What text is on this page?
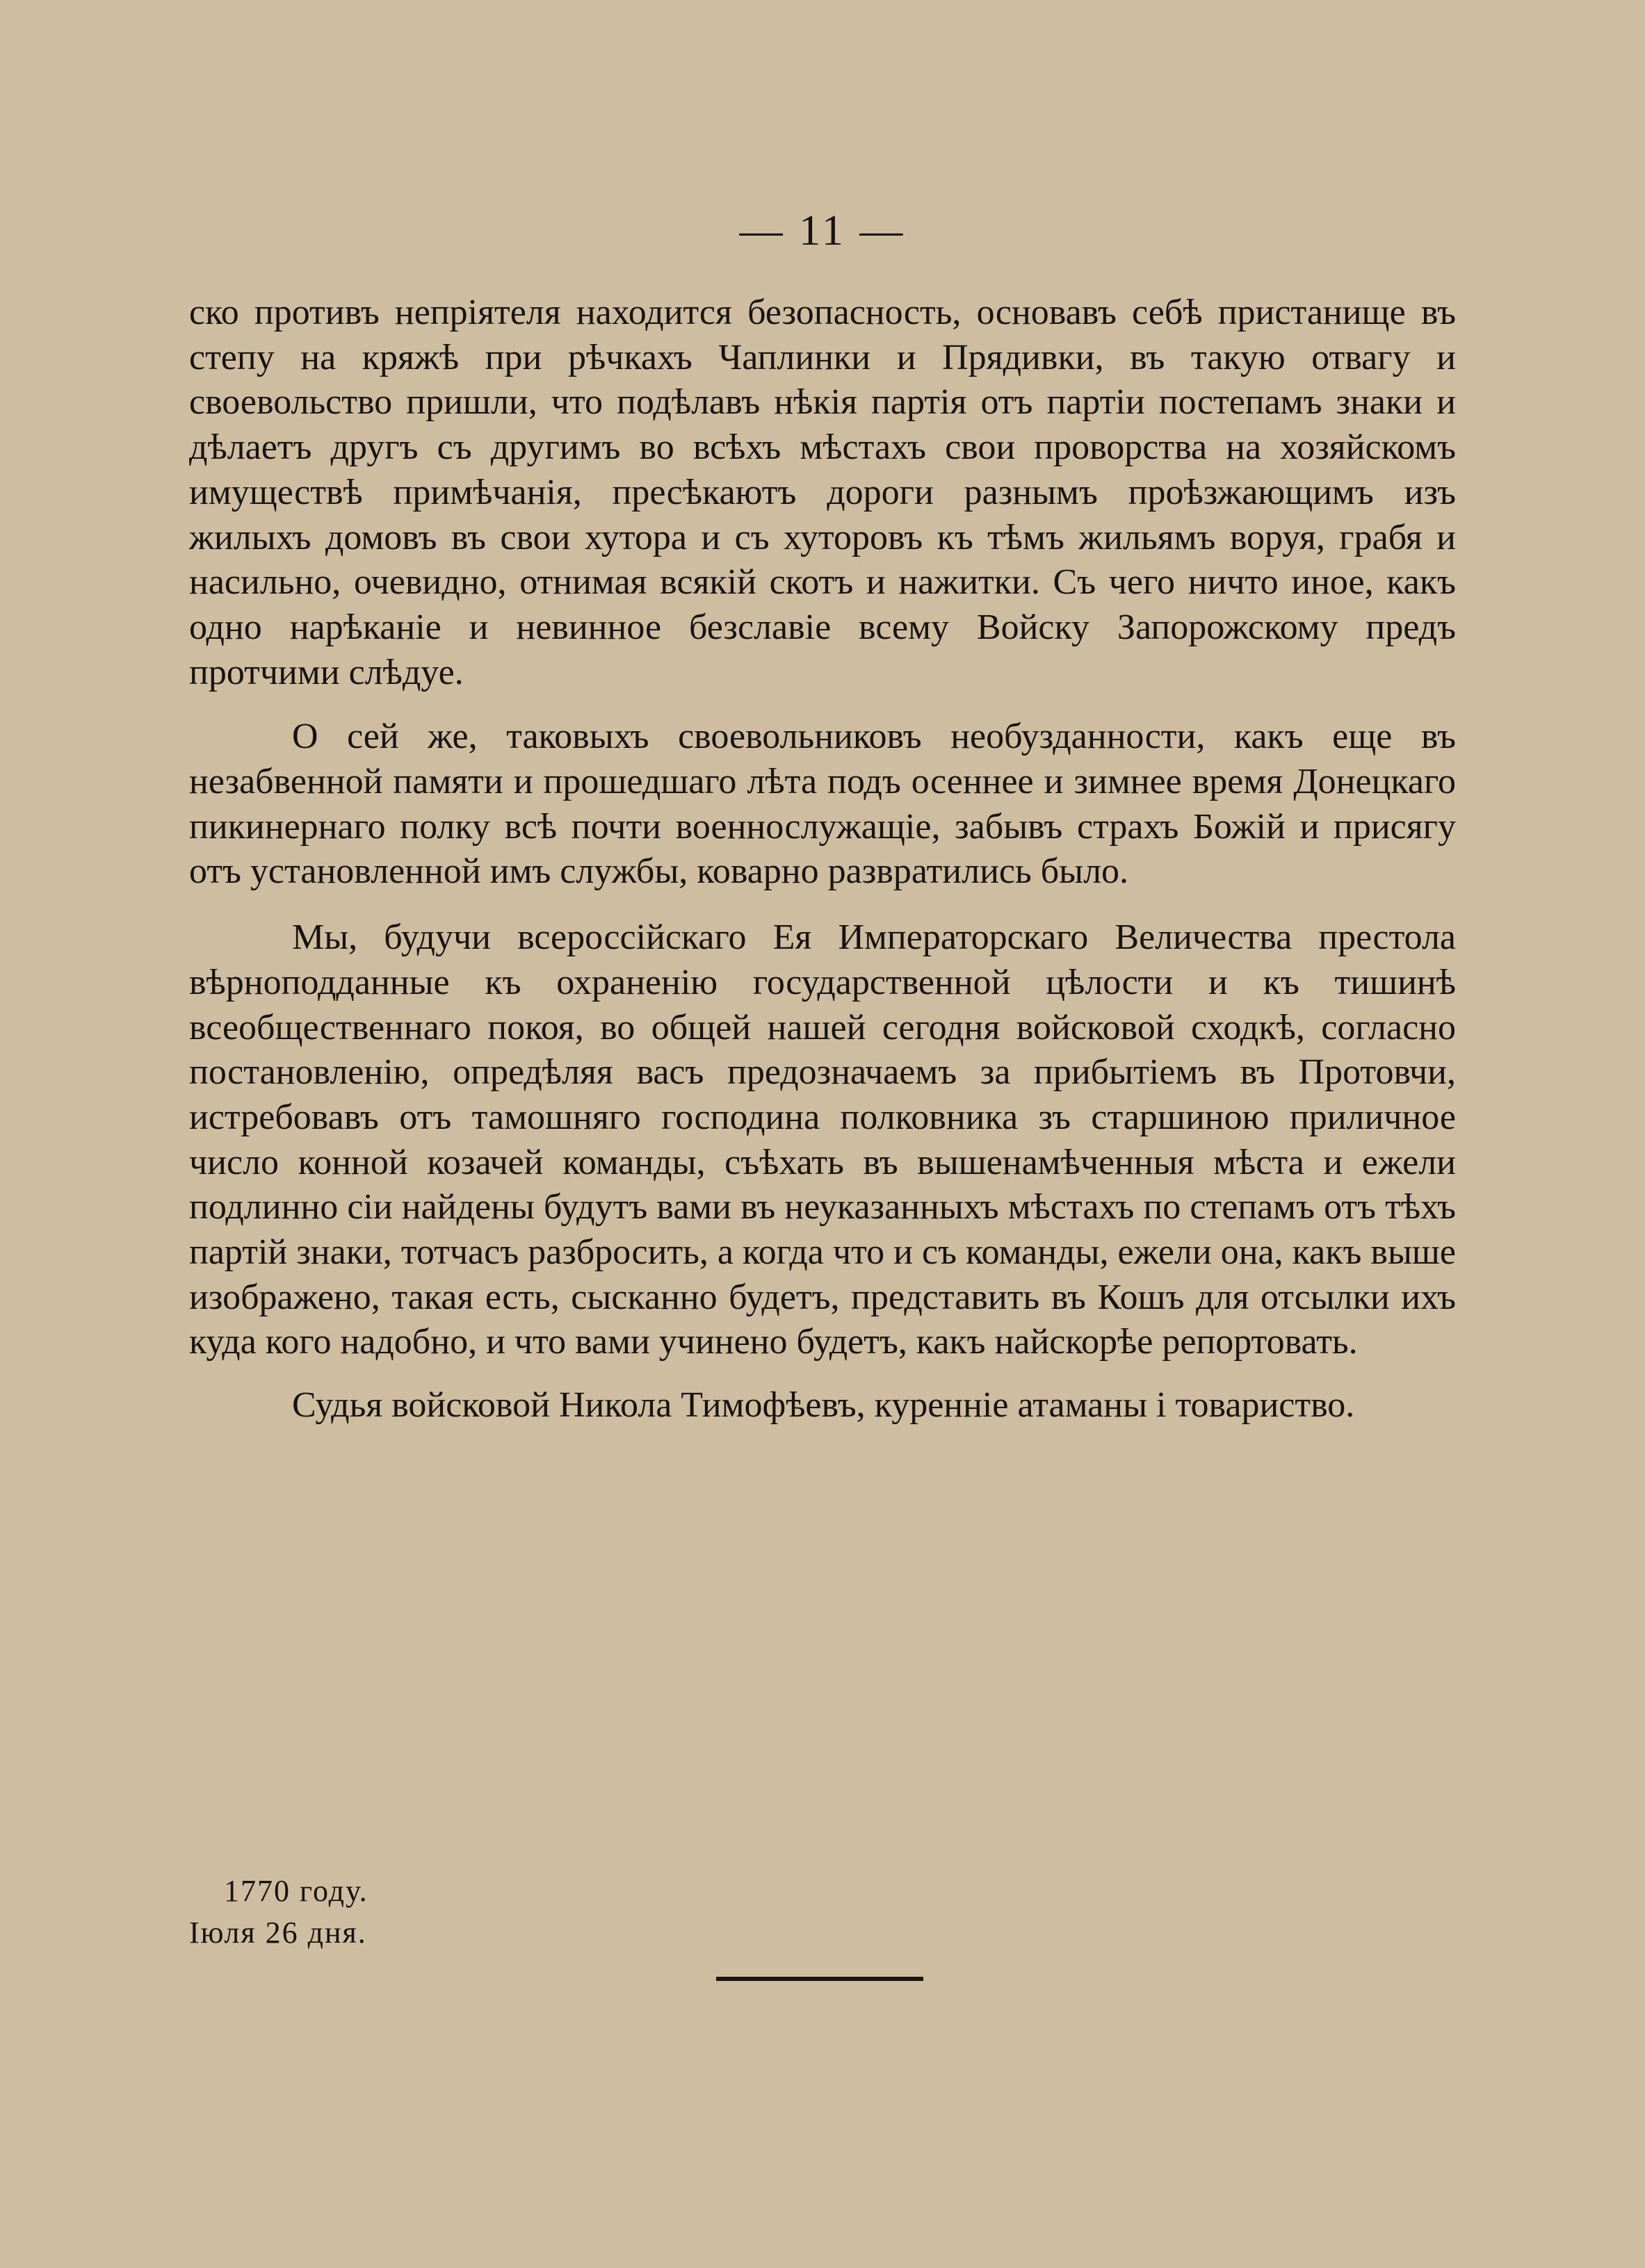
— 11 —

ско противъ непріятеля находится безопасность, основавъ себѣ пристанище въ степу на кряжѣ при рѣчкахъ Чаплинки и Прядивки, въ такую отвагу и своевольство пришли, что подѣлавъ нѣкія партія отъ партіи постепамъ знаки и дѣлаетъ другъ съ другимъ во всѣхъ мѣстахъ свои проворства на хозяйскомъ имуществѣ примѣчанія, пресѣкаютъ дороги разнымъ проѣзжающимъ изъ жилыхъ домовъ въ свои хутора и съ хуторовъ къ тѣмъ жильямъ воруя, грабя и насильно, очевидно, отнимая всякій скотъ и нажитки. Съ чего ничто иное, какъ одно нарѣканіе и невинное безславіе всему Войску Запорожскому предъ протчими слѣдуе.

О сей же, таковыхъ своевольниковъ необузданности, какъ еще въ незабвенной памяти и прошедшаго лѣта подъ осеннее и зимнее время Донецкаго пикинернаго полку всѣ почти военнослужащіе, забывъ страхъ Божій и присягу отъ установленной имъ службы, коварно развратились было.

Мы, будучи всероссійскаго Ея Императорскаго Величества престола вѣрноподданные къ охраненію государственной цѣлости и къ тишинѣ всеобщественнаго покоя, во общей нашей сегодня войсковой сходкѣ, согласно постановленію, опредѣляя васъ предозначаемъ за прибытіемъ въ Протовчи, истребовавъ отъ тамошняго господина полковника зъ старшиною приличное число конной козачей команды, съѣхать въ вышенамѣченныя мѣста и ежели подлинно сіи найдены будутъ вами въ неуказанныхъ мѣстахъ по степамъ отъ тѣхъ партій знаки, тотчасъ разбросить, а когда что и съ команды, ежели она, какъ выше изображено, такая есть, сысканно будетъ, представить въ Кошъ для отсылки ихъ куда кого надобно, и что вами учинено будетъ, какъ найскорѣе репортовать.

Судья войсковой Никола Тимофѣевъ, куренніе атаманы і товариство.

1770 году.
Іюля 26 дня.
